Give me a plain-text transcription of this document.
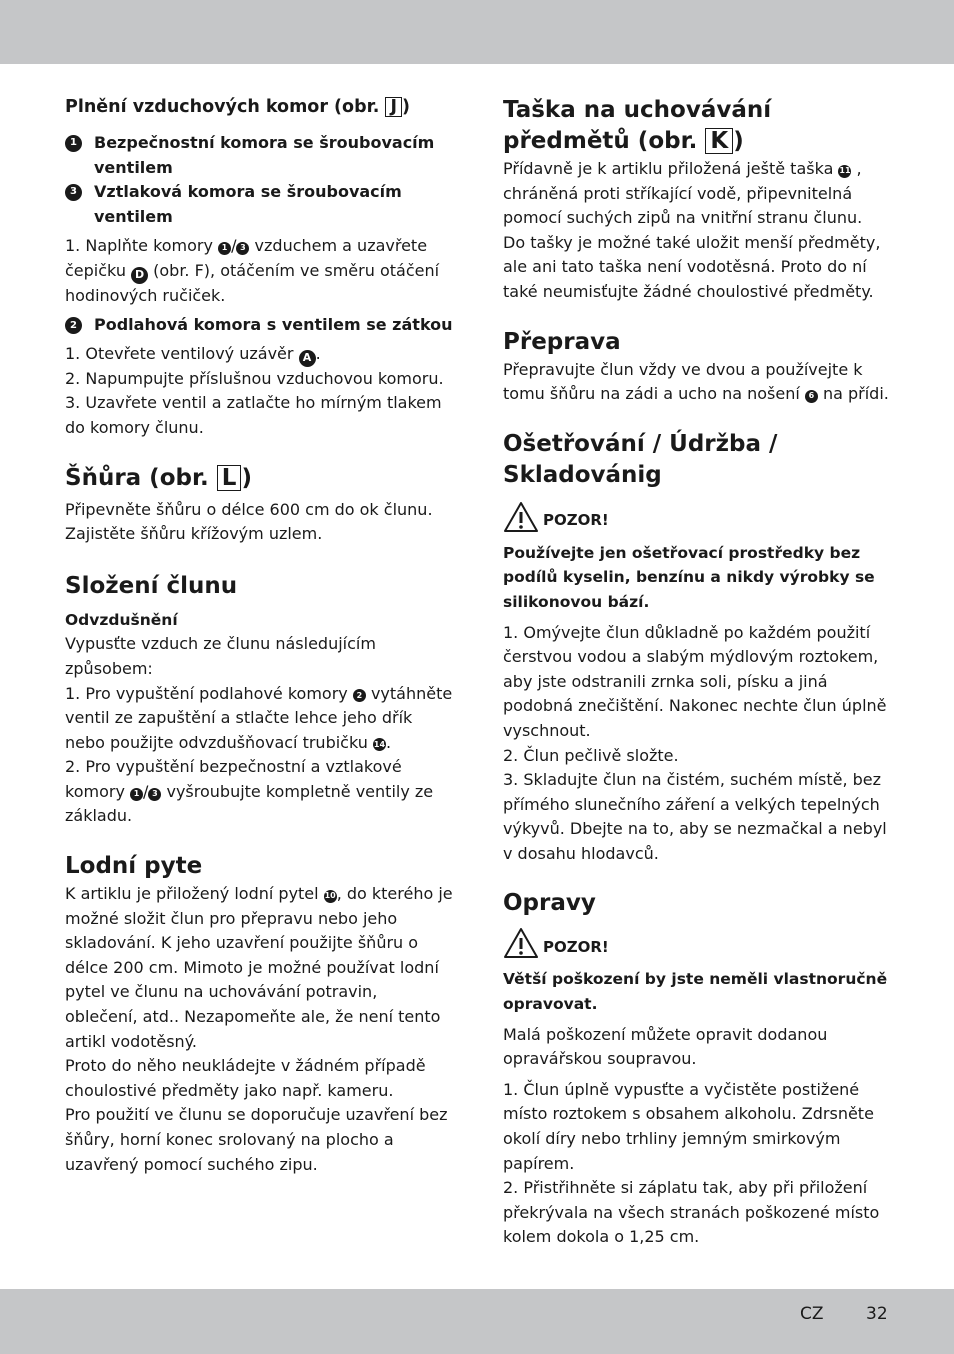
Plnění vzduchových komor (obr. J )

1	Bezpečnostní komora se šroubovacím ventilem
3	Vztlaková komora se šroubovacím ventilem

1. Naplňte komory 1 / 3 vzduchem a uzavřete čepičku D (obr. F), otáčením ve směru otáčení hodinových ručiček.

2	Podlahová komora s ventilem se zátkou

1. Otevřete ventilový uzávěr A .

2. Napumpujte příslušnou vzduchovou komoru.

3. Uzavřete ventil a zatlačte ho mírným tlakem do komory člunu.

Šňůra (obr. L )

Připevněte šňůru o délce 600 cm do ok člunu. Zajistěte šňůru křížovým uzlem.

Složení člunu

Odvzdušnění

Vypusťte vzduch ze člunu následujícím způsobem:

1. Pro vypuštění podlahové komory 2 vytáhněte ventil ze zapuštění a stlačte lehce jeho dřík nebo použijte odvzdušňovací trubičku 14.

2. Pro vypuštění bezpečnostní a vztlakové komory 1 / 3 vyšroubujte kompletně ventily ze základu.

Lodní pyte

K artiklu je přiložený lodní pytel 10, do kterého je možné složit člun pro přepravu nebo jeho skladování. K jeho uzavření použijte šňůru o délce 200 cm. Mimoto je možné používat lodní pytel ve člunu na uchovávání potravin, oblečení, atd.. Nezapomeňte ale, že není tento artikl vodotěsný.

Proto do něho neukládejte v žádném případě choulostivé předměty jako např. kameru.

Pro použití ve člunu se doporučuje uzavření bez šňůry, horní konec srolovaný na plocho a uzavřený pomocí suchého zipu.

Taška na uchovávání předmětů (obr. K )

Přídavně je k artiklu přiložená ještě taška 11 , chráněná proti stříkající vodě, připevnitelná pomocí suchých zipů na vnitřní stranu člunu.

Do tašky je možné také uložit menší předměty, ale ani tato taška není vodotěsná. Proto do ní také neumisťujte žádné choulostivé předměty.

Přeprava

Přepravujte člun vždy ve dvou a používejte k tomu šňůru na zádi a ucho na nošení 6 na přídi.

Ošetřování / Údržba / Skladovánig

POZOR!

Používejte jen ošetřovací prostředky bez podílů kyselin, benzínu a nikdy výrobky se silikonovou bází.

1. Omývejte člun důkladně po každém použití čerstvou vodou a slabým mýdlovým roztokem, aby jste odstranili zrnka soli, písku a jiná podobná znečištění. Nakonec nechte člun úplně vyschnout.

2. Člun pečlivě složte.

3. Skladujte člun na čistém, suchém místě, bez přímého slunečního záření a velkých tepelných výkyvů. Dbejte na to, aby se nezmačkal a nebyl v dosahu hlodavců.

Opravy

POZOR!

Větší poškození by jste neměli vlastnoručně opravovat.

Malá poškození můžete opravit dodanou opravářskou soupravou.

1. Člun úplně vypusťte a vyčistěte postižené místo roztokem s obsahem alkoholu. Zdrsněte okolí díry nebo trhliny jemným smirkovým papírem.

2. Přistřihněte si záplatu tak, aby při přiložení překrývala na všech stranách poškozené místo kolem dokola o 1,25 cm.

CZ 32
